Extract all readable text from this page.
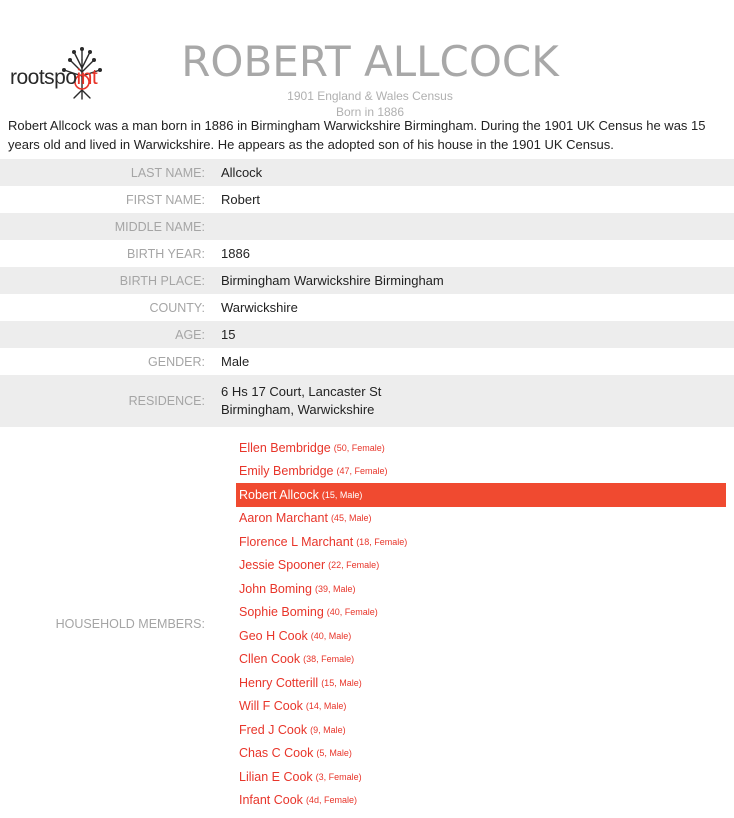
rootspoint ROBERT ALLCOCK
1901 England & Wales Census
Born in 1886
Robert Allcock was a man born in 1886 in Birmingham Warwickshire Birmingham. During the 1901 UK Census he was 15 years old and lived in Warwickshire. He appears as the adopted son of his house in the 1901 UK Census.
LAST NAME:	Allcock
FIRST NAME:	Robert
MIDDLE NAME:
BIRTH YEAR:	1886
BIRTH PLACE:	Birmingham Warwickshire Birmingham
COUNTY:	Warwickshire
AGE:	15
GENDER:	Male
RESIDENCE:
6 Hs 17 Court, Lancaster St
Birmingham, Warwickshire
HOUSEHOLD MEMBERS:
Ellen Bembridge (50, Female)
Emily Bembridge (47, Female)
Robert Allcock (15, Male)
Aaron Marchant (45, Male)
Florence L Marchant (18, Female)
Jessie Spooner (22, Female)
John Boming (39, Male)
Sophie Boming (40, Female)
Geo H Cook (40, Male)
Cllen Cook (38, Female)
Henry Cotterill (15, Male)
Will F Cook (14, Male)
Fred J Cook (9, Male)
Chas C Cook (5, Male)
Lilian E Cook (3, Female)
Infant Cook (4d, Female)
